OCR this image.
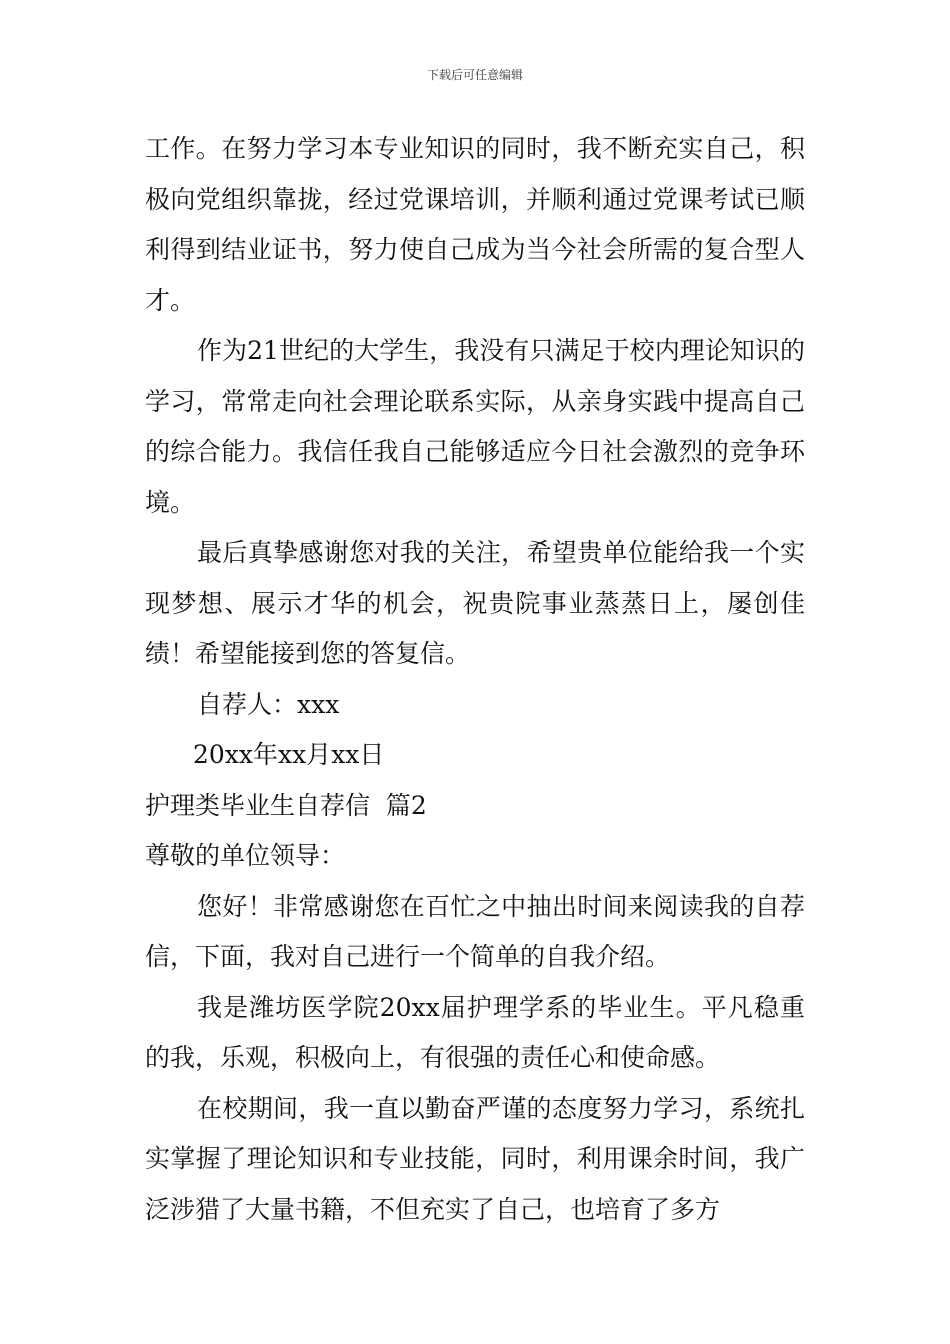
下载后可任意编辑

工作。在努力学习本专业知识的同时，我不断充实自己，积极向党组织靠拢，经过党课培训，并顺利通过党课考试已顺利得到结业证书，努力使自己成为当今社会所需的复合型人才。

作为21世纪的大学生，我没有只满足于校内理论知识的学习，常常走向社会理论联系实际，从亲身实践中提高自己的综合能力。我信任我自己能够适应今日社会激烈的竞争环境。

最后真挚感谢您对我的关注，希望贵单位能给我一个实现梦想、展示才华的机会，祝贵院事业蒸蒸日上，屡创佳绩！希望能接到您的答复信。

自荐人：xxx

20xx年xx月xx日

护理类毕业生自荐信  篇2

尊敬的单位领导：

您好！非常感谢您在百忙之中抽出时间来阅读我的自荐信，下面，我对自己进行一个简单的自我介绍。

我是潍坊医学院20xx届护理学系的毕业生。平凡稳重的我，乐观，积极向上，有很强的责任心和使命感。

在校期间，我一直以勤奋严谨的态度努力学习，系统扎实掌握了理论知识和专业技能，同时，利用课余时间，我广泛涉猎了大量书籍，不但充实了自己，也培育了多方
